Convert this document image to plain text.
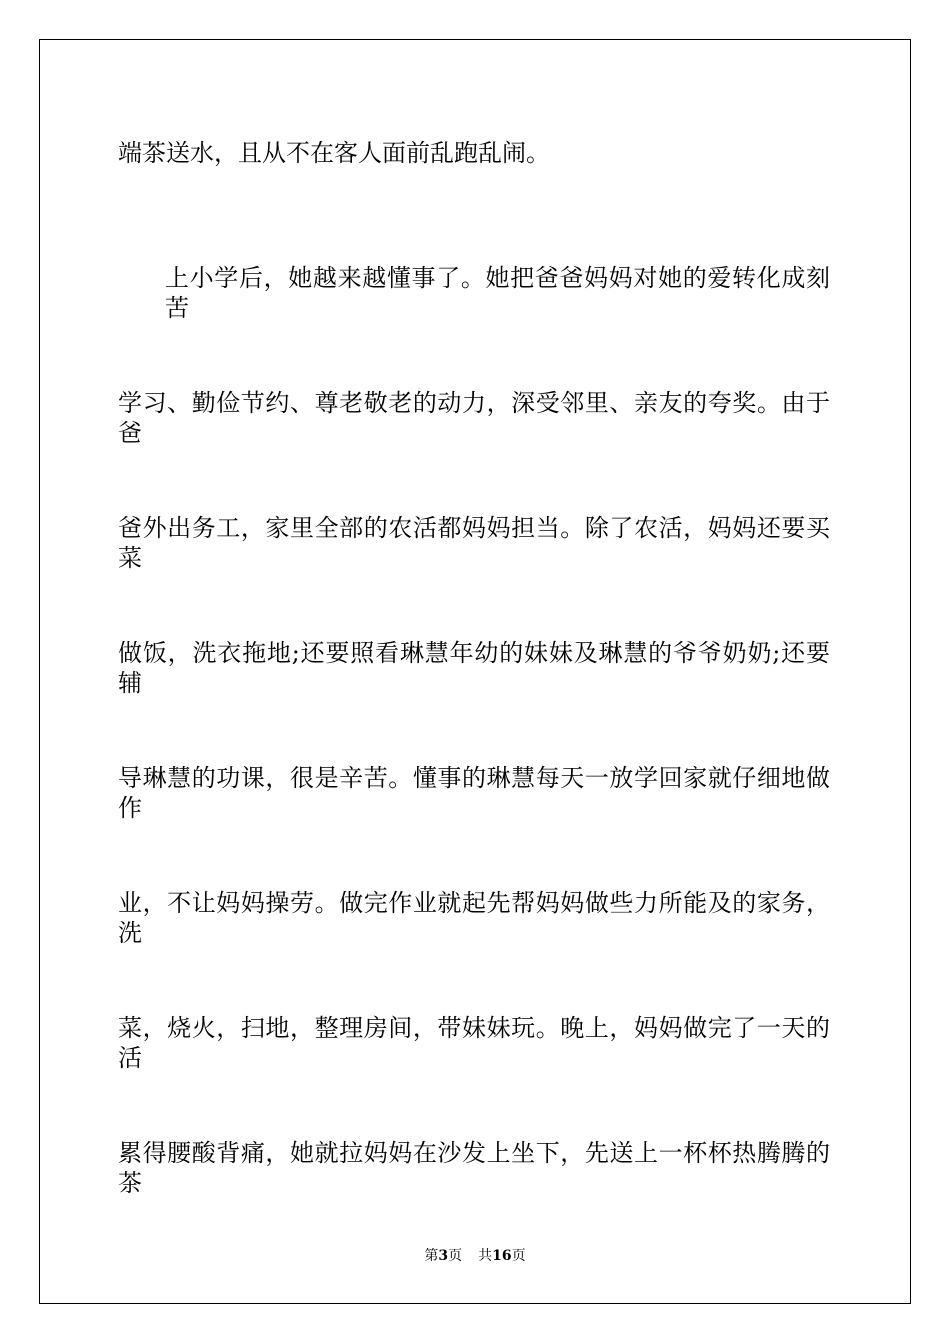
端茶送水，且从不在客人面前乱跑乱闹。

上小学后，她越来越懂事了。她把爸爸妈妈对她的爱转化成刻苦

学习、勤俭节约、尊老敬老的动力，深受邻里、亲友的夸奖。由于爸

爸外出务工，家里全部的农活都妈妈担当。除了农活，妈妈还要买菜

做饭，洗衣拖地;还要照看琳慧年幼的妹妹及琳慧的爷爷奶奶;还要辅

导琳慧的功课，很是辛苦。懂事的琳慧每天一放学回家就仔细地做作

业，不让妈妈操劳。做完作业就起先帮妈妈做些力所能及的家务，洗

菜，烧火，扫地，整理房间，带妹妹玩。晚上，妈妈做完了一天的活

累得腰酸背痛，她就拉妈妈在沙发上坐下，先送上一杯杯热腾腾的茶

第3页 共16页
